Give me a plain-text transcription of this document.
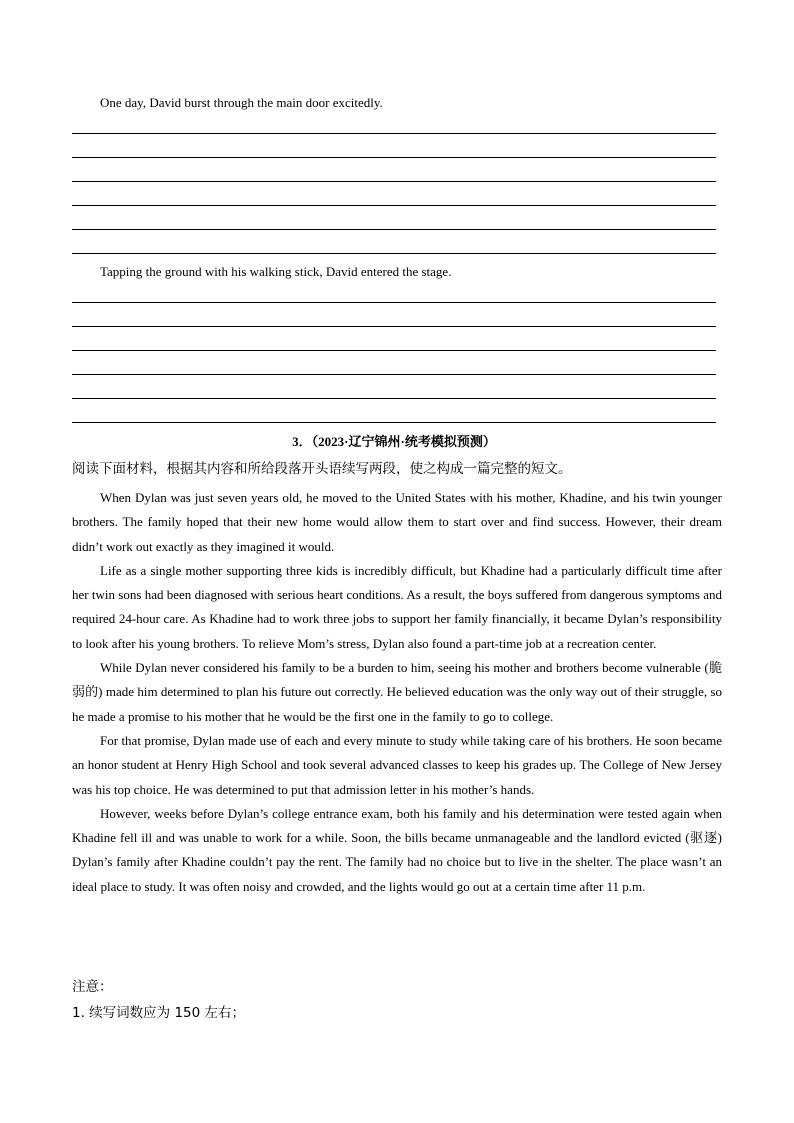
One day, David burst through the main door excitedly.
Tapping the ground with his walking stick, David entered the stage.
3．（2023·辽宁锦州·统考模拟预测）
阅读下面材料，根据其内容和所给段落开头语续写两段，使之构成一篇完整的短文。

When Dylan was just seven years old, he moved to the United States with his mother, Khadine, and his twin younger brothers. The family hoped that their new home would allow them to start over and find success. However, their dream didn’t work out exactly as they imagined it would.

Life as a single mother supporting three kids is incredibly difficult, but Khadine had a particularly difficult time after her twin sons had been diagnosed with serious heart conditions. As a result, the boys suffered from dangerous symptoms and required 24-hour care. As Khadine had to work three jobs to support her family financially, it became Dylan’s responsibility to look after his young brothers. To relieve Mom’s stress, Dylan also found a part-time job at a recreation center.

While Dylan never considered his family to be a burden to him, seeing his mother and brothers become vulnerable (脆弱的) made him determined to plan his future out correctly. He believed education was the only way out of their struggle, so he made a promise to his mother that he would be the first one in the family to go to college.

For that promise, Dylan made use of each and every minute to study while taking care of his brothers. He soon became an honor student at Henry High School and took several advanced classes to keep his grades up. The College of New Jersey was his top choice. He was determined to put that admission letter in his mother’s hands.

However, weeks before Dylan’s college entrance exam, both his family and his determination were tested again when Khadine fell ill and was unable to work for a while. Soon, the bills became unmanageable and the landlord evicted (驱逐) Dylan’s family after Khadine couldn’t pay the rent. The family had no choice but to live in the shelter. The place wasn’t an ideal place to study. It was often noisy and crowded, and the lights would go out at a certain time after 11 p.m.

注意：
1. 续写词数应为 150 左右；
